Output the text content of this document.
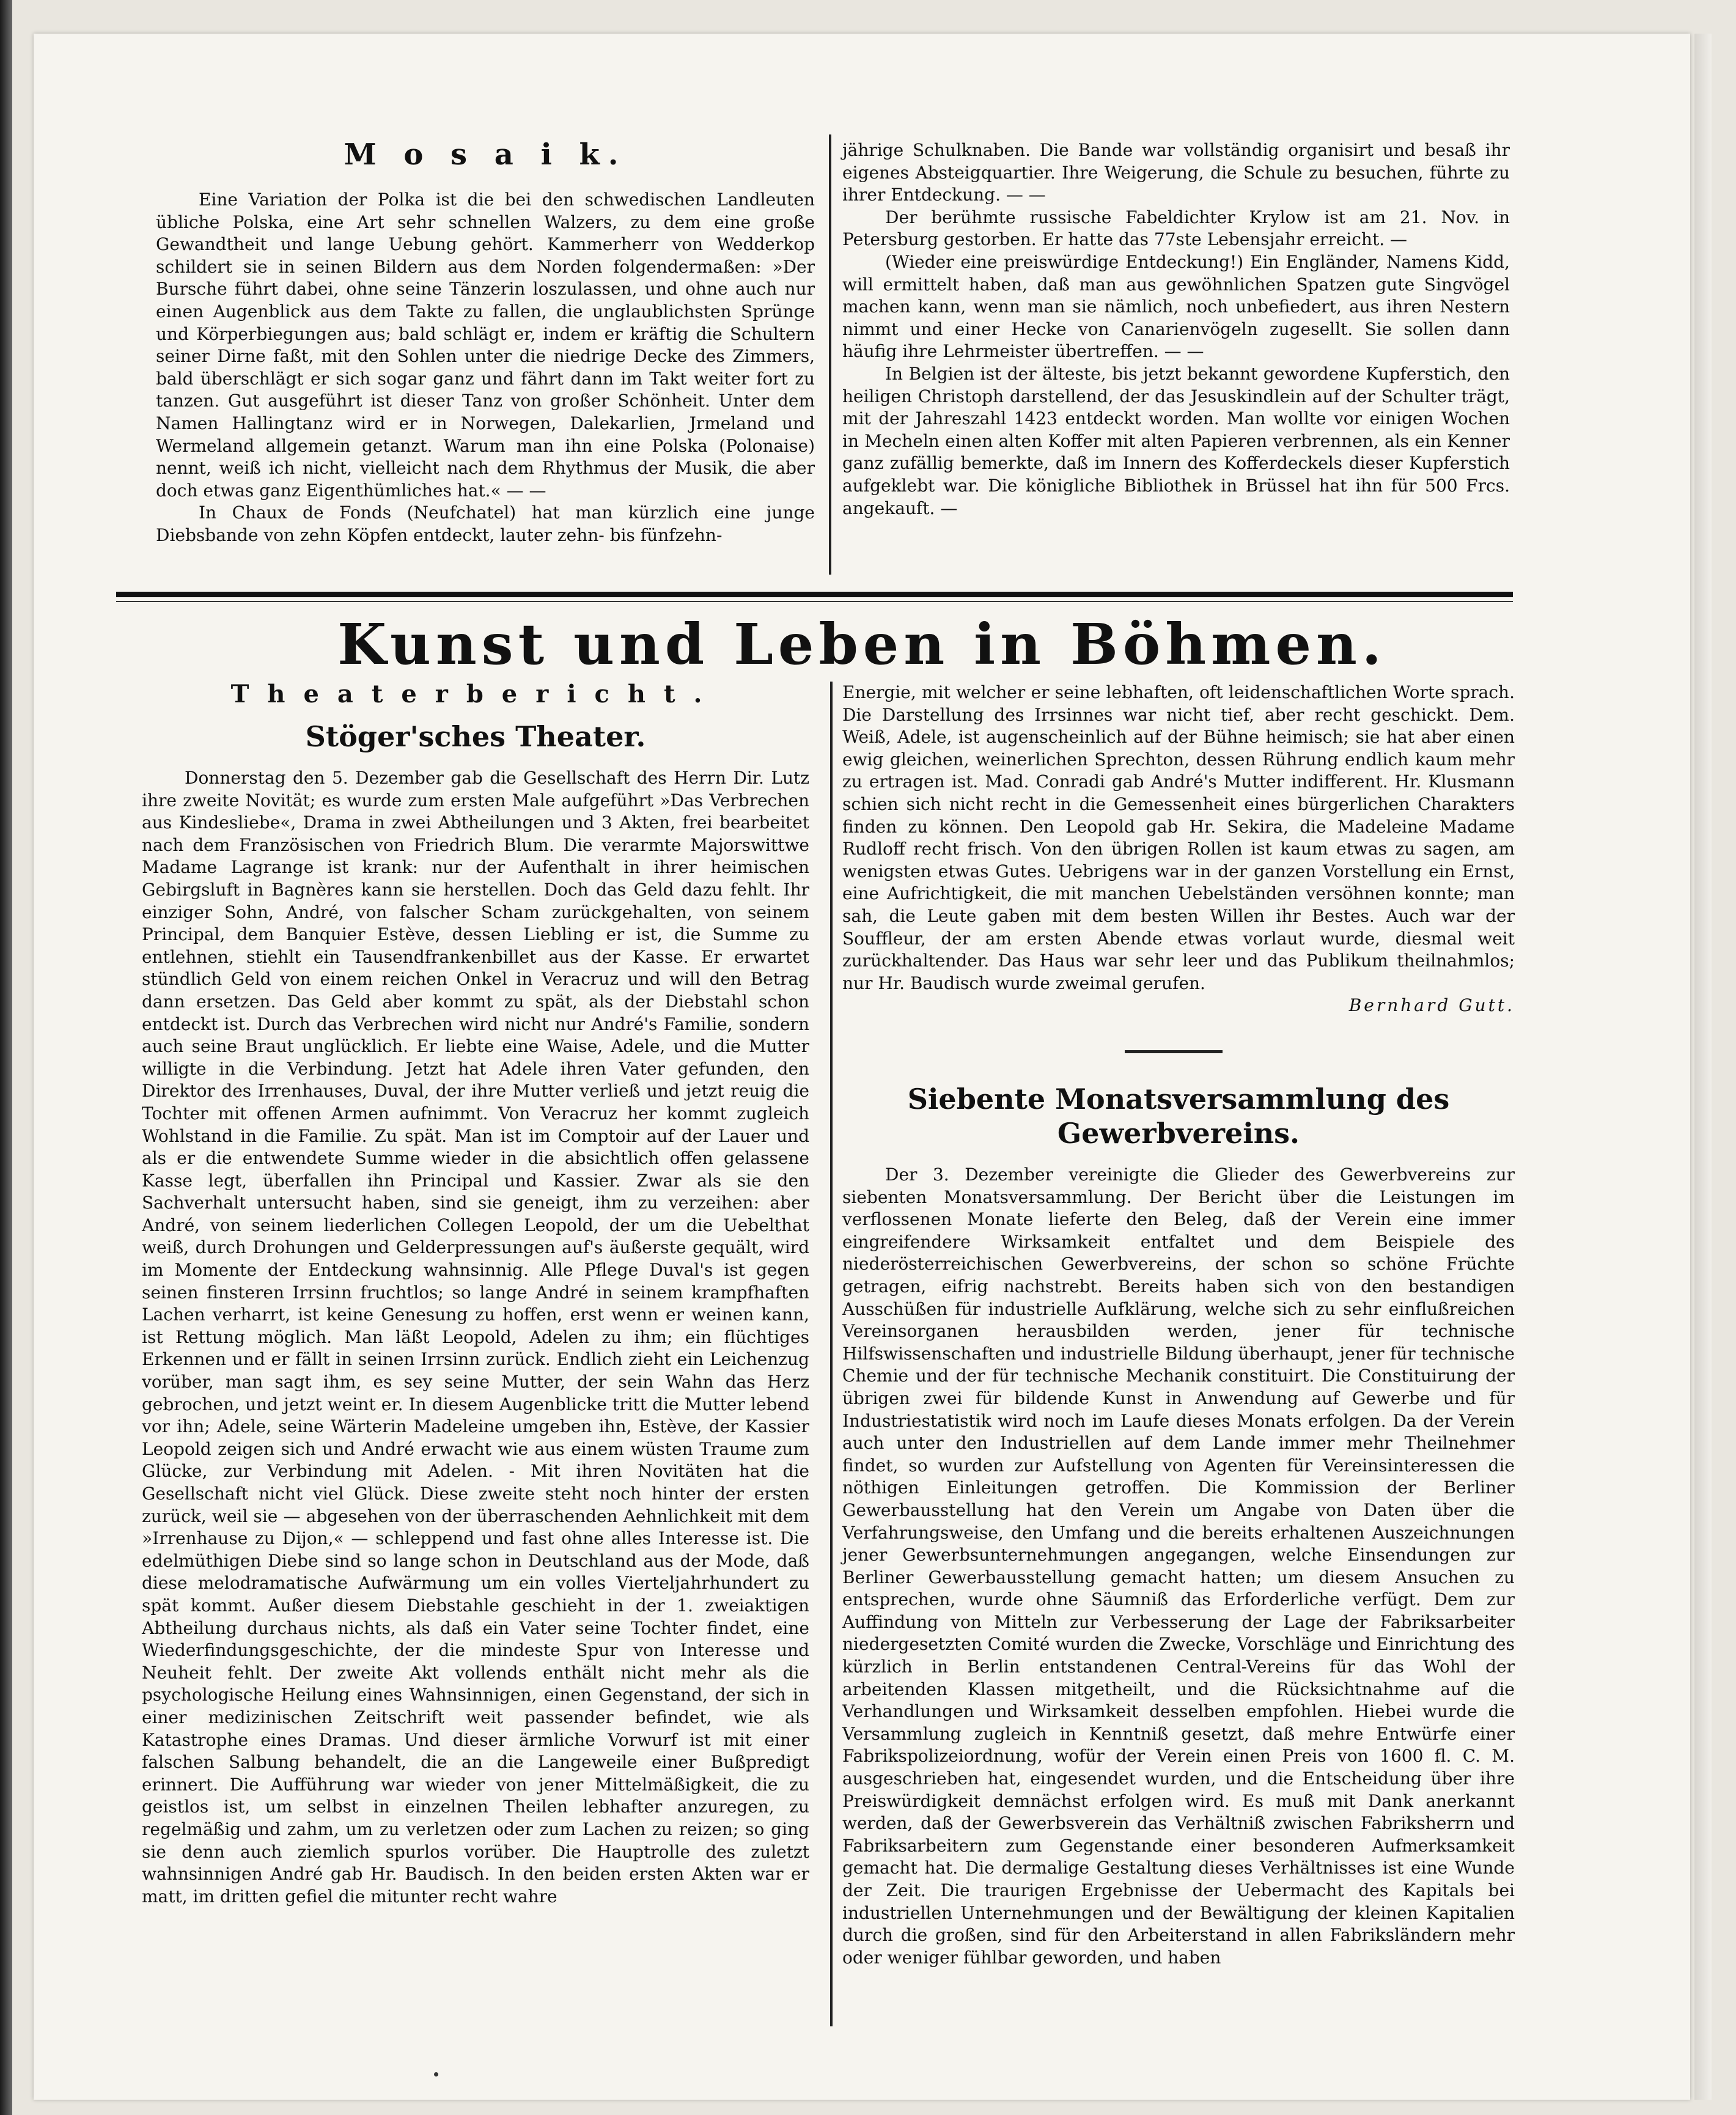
M o s a i k.

Eine Variation der Polka ist die bei den schwedischen Landleuten übliche Polska, eine Art sehr schnellen Walzers, zu dem eine große Gewandtheit und lange Uebung gehört. Kammerherr von Wedderkop schildert sie in seinen Bildern aus dem Norden folgendermaßen: »Der Bursche führt dabei, ohne seine Tänzerin loszulassen, und ohne auch nur einen Augenblick aus dem Takte zu fallen, die unglaublichsten Sprünge und Körperbiegungen aus; bald schlägt er, indem er kräftig die Schultern seiner Dirne faßt, mit den Sohlen unter die niedrige Decke des Zimmers, bald überschlägt er sich sogar ganz und fährt dann im Takt weiter fort zu tanzen. Gut ausgeführt ist dieser Tanz von großer Schönheit. Unter dem Namen Hallingtanz wird er in Norwegen, Dalekarlien, Jrmeland und Wermeland allgemein getanzt. Warum man ihn eine Polska (Polonaise) nennt, weiß ich nicht, vielleicht nach dem Rhythmus der Musik, die aber doch etwas ganz Eigenthümliches hat.« — —

In Chaux de Fonds (Neufchatel) hat man kürzlich eine junge Diebsbande von zehn Köpfen entdeckt, lauter zehn- bis fünfzehn-

jährige Schulknaben. Die Bande war vollständig organisirt und besaß ihr eigenes Absteigquartier. Ihre Weigerung, die Schule zu besuchen, führte zu ihrer Entdeckung. — —

Der berühmte russische Fabeldichter Krylow ist am 21. Nov. in Petersburg gestorben. Er hatte das 77ste Lebensjahr erreicht. —

(Wieder eine preiswürdige Entdeckung!) Ein Engländer, Namens Kidd, will ermittelt haben, daß man aus gewöhnlichen Spatzen gute Singvögel machen kann, wenn man sie nämlich, noch unbefiedert, aus ihren Nestern nimmt und einer Hecke von Canarienvögeln zugesellt. Sie sollen dann häufig ihre Lehrmeister übertreffen. — —

In Belgien ist der älteste, bis jetzt bekannt gewordene Kupferstich, den heiligen Christoph darstellend, der das Jesuskindlein auf der Schulter trägt, mit der Jahreszahl 1423 entdeckt worden. Man wollte vor einigen Wochen in Mecheln einen alten Koffer mit alten Papieren verbrennen, als ein Kenner ganz zufällig bemerkte, daß im Innern des Kofferdeckels dieser Kupferstich aufgeklebt war. Die königliche Bibliothek in Brüssel hat ihn für 500 Frcs. angekauft. —

Kunst und Leben in Böhmen.
Theaterbericht.
Stöger'sches Theater.

Donnerstag den 5. Dezember gab die Gesellschaft des Herrn Dir. Lutz ihre zweite Novität; es wurde zum ersten Male aufgeführt »Das Verbrechen aus Kindesliebe«, Drama in zwei Abtheilungen und 3 Akten, frei bearbeitet nach dem Französischen von Friedrich Blum. Die verarmte Majorswittwe Madame Lagrange ist krank: nur der Aufenthalt in ihrer heimischen Gebirgsluft in Bagnères kann sie herstellen. Doch das Geld dazu fehlt. Ihr einziger Sohn, André, von falscher Scham zurückgehalten, von seinem Principal, dem Banquier Estève, dessen Liebling er ist, die Summe zu entlehnen, stiehlt ein Tausendfrankenbillet aus der Kasse. Er erwartet stündlich Geld von einem reichen Onkel in Veracruz und will den Betrag dann ersetzen. Das Geld aber kommt zu spät, als der Diebstahl schon entdeckt ist. Durch das Verbrechen wird nicht nur André's Familie, sondern auch seine Braut unglücklich. Er liebte eine Waise, Adele, und die Mutter willigte in die Verbindung. Jetzt hat Adele ihren Vater gefunden, den Direktor des Irrenhauses, Duval, der ihre Mutter verließ und jetzt reuig die Tochter mit offenen Armen aufnimmt. Von Veracruz her kommt zugleich Wohlstand in die Familie. Zu spät. Man ist im Comptoir auf der Lauer und als er die entwendete Summe wieder in die absichtlich offen gelassene Kasse legt, überfallen ihn Principal und Kassier. Zwar als sie den Sachverhalt untersucht haben, sind sie geneigt, ihm zu verzeihen: aber André, von seinem liederlichen Collegen Leopold, der um die Uebelthat weiß, durch Drohungen und Gelderpressungen auf's äußerste gequält, wird im Momente der Entdeckung wahnsinnig. Alle Pflege Duval's ist gegen seinen finsteren Irrsinn fruchtlos; so lange André in seinem krampfhaften Lachen verharrt, ist keine Genesung zu hoffen, erst wenn er weinen kann, ist Rettung möglich. Man läßt Leopold, Adelen zu ihm; ein flüchtiges Erkennen und er fällt in seinen Irrsinn zurück. Endlich zieht ein Leichenzug vorüber, man sagt ihm, es sey seine Mutter, der sein Wahn das Herz gebrochen, und jetzt weint er. In diesem Augenblicke tritt die Mutter lebend vor ihn; Adele, seine Wärterin Madeleine umgeben ihn, Estève, der Kassier Leopold zeigen sich und André erwacht wie aus einem wüsten Traume zum Glücke, zur Verbindung mit Adelen. - Mit ihren Novitäten hat die Gesellschaft nicht viel Glück. Diese zweite steht noch hinter der ersten zurück, weil sie — abgesehen von der überraschenden Aehnlichkeit mit dem »Irrenhause zu Dijon,« — schleppend und fast ohne alles Interesse ist. Die edelmüthigen Diebe sind so lange schon in Deutschland aus der Mode, daß diese melodramatische Aufwärmung um ein volles Vierteljahrhundert zu spät kommt. Außer diesem Diebstahle geschieht in der 1. zweiaktigen Abtheilung durchaus nichts, als daß ein Vater seine Tochter findet, eine Wiederfindungsgeschichte, der die mindeste Spur von Interesse und Neuheit fehlt. Der zweite Akt vollends enthält nicht mehr als die psychologische Heilung eines Wahnsinnigen, einen Gegenstand, der sich in einer medizinischen Zeitschrift weit passender befindet, wie als Katastrophe eines Dramas. Und dieser ärmliche Vorwurf ist mit einer falschen Salbung behandelt, die an die Langeweile einer Bußpredigt erinnert. Die Aufführung war wieder von jener Mittelmäßigkeit, die zu geistlos ist, um selbst in einzelnen Theilen lebhafter anzuregen, zu regelmäßig und zahm, um zu verletzen oder zum Lachen zu reizen; so ging sie denn auch ziemlich spurlos vorüber. Die Hauptrolle des zuletzt wahnsinnigen André gab Hr. Baudisch. In den beiden ersten Akten war er matt, im dritten gefiel die mitunter recht wahre

Energie, mit welcher er seine lebhaften, oft leidenschaftlichen Worte sprach. Die Darstellung des Irrsinnes war nicht tief, aber recht geschickt. Dem. Weiß, Adele, ist augenscheinlich auf der Bühne heimisch; sie hat aber einen ewig gleichen, weinerlichen Sprechton, dessen Rührung endlich kaum mehr zu ertragen ist. Mad. Conradi gab André's Mutter indifferent. Hr. Klusmann schien sich nicht recht in die Gemessenheit eines bürgerlichen Charakters finden zu können. Den Leopold gab Hr. Sekira, die Madeleine Madame Rudloff recht frisch. Von den übrigen Rollen ist kaum etwas zu sagen, am wenigsten etwas Gutes. Uebrigens war in der ganzen Vorstellung ein Ernst, eine Aufrichtigkeit, die mit manchen Uebelständen versöhnen konnte; man sah, die Leute gaben mit dem besten Willen ihr Bestes. Auch war der Souffleur, der am ersten Abende etwas vorlaut wurde, diesmal weit zurückhaltender. Das Haus war sehr leer und das Publikum theilnahmlos; nur Hr. Baudisch wurde zweimal gerufen.

Bernhard Gutt.

Siebente Monatsversammlung des Gewerbvereins.

Der 3. Dezember vereinigte die Glieder des Gewerbvereins zur siebenten Monatsversammlung. Der Bericht über die Leistungen im verflossenen Monate lieferte den Beleg, daß der Verein eine immer eingreifendere Wirksamkeit entfaltet und dem Beispiele des niederösterreichischen Gewerbvereins, der schon so schöne Früchte getragen, eifrig nachstrebt. Bereits haben sich von den bestandigen Ausschüßen für industrielle Aufklärung, welche sich zu sehr einflußreichen Vereinsorganen herausbilden werden, jener für technische Hilfswissenschaften und industrielle Bildung überhaupt, jener für technische Chemie und der für technische Mechanik constituirt. Die Constituirung der übrigen zwei für bildende Kunst in Anwendung auf Gewerbe und für Industriestatistik wird noch im Laufe dieses Monats erfolgen. Da der Verein auch unter den Industriellen auf dem Lande immer mehr Theilnehmer findet, so wurden zur Aufstellung von Agenten für Vereinsinteressen die nöthigen Einleitungen getroffen. Die Kommission der Berliner Gewerbausstellung hat den Verein um Angabe von Daten über die Verfahrungsweise, den Umfang und die bereits erhaltenen Auszeichnungen jener Gewerbsunternehmungen angegangen, welche Einsendungen zur Berliner Gewerbausstellung gemacht hatten; um diesem Ansuchen zu entsprechen, wurde ohne Säumniß das Erforderliche verfügt. Dem zur Auffindung von Mitteln zur Verbesserung der Lage der Fabriksarbeiter niedergesetzten Comité wurden die Zwecke, Vorschläge und Einrichtung des kürzlich in Berlin entstandenen Central-Vereins für das Wohl der arbeitenden Klassen mitgetheilt, und die Rücksichtnahme auf die Verhandlungen und Wirksamkeit desselben empfohlen. Hiebei wurde die Versammlung zugleich in Kenntniß gesetzt, daß mehre Entwürfe einer Fabrikspolizeiordnung, wofür der Verein einen Preis von 1600 fl. C. M. ausgeschrieben hat, eingesendet wurden, und die Entscheidung über ihre Preiswürdigkeit demnächst erfolgen wird. Es muß mit Dank anerkannt werden, daß der Gewerbsverein das Verhältniß zwischen Fabriksherrn und Fabriksarbeitern zum Gegenstande einer besonderen Aufmerksamkeit gemacht hat. Die dermalige Gestaltung dieses Verhältnisses ist eine Wunde der Zeit. Die traurigen Ergebnisse der Uebermacht des Kapitals bei industriellen Unternehmungen und der Bewältigung der kleinen Kapitalien durch die großen, sind für den Arbeiterstand in allen Fabriksländern mehr oder weniger fühlbar geworden, und haben
